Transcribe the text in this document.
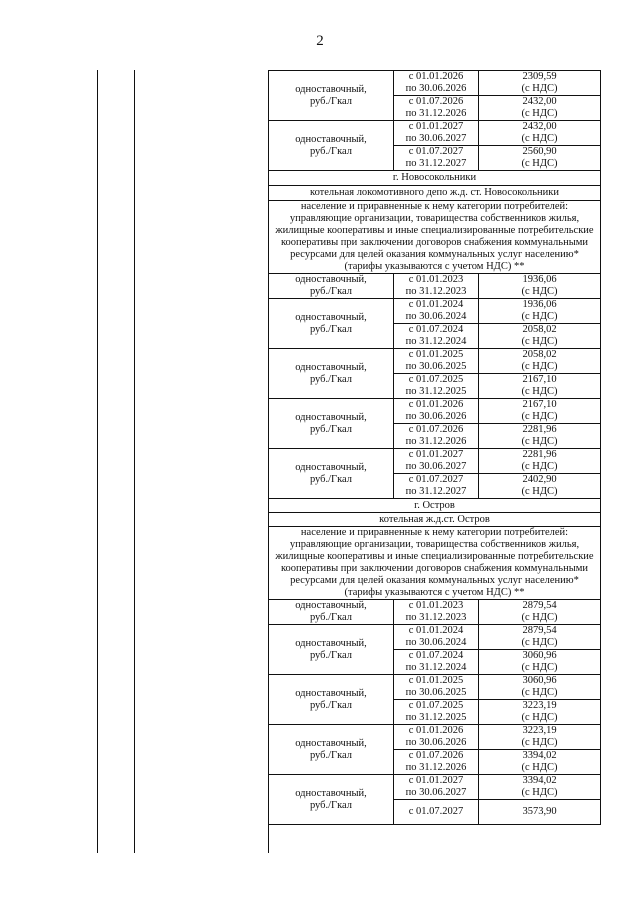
2
одноставочный,
руб./Гкал	с 01.01.2026
по 30.06.2026	2309,59
(с НДС)
	с 01.07.2026
по 31.12.2026	2432,00
(с НДС)
одноставочный,
руб./Гкал	с 01.01.2027
по 30.06.2027	2432,00
(с НДС)
	с 01.07.2027
по 31.12.2027	2560,90
(с НДС)
г. Новосокольники		
котельная локомотивного депо ж.д. ст. Новосокольники		
население и приравненные к нему категории потребителей: управляющие организации, товарищества собственников жилья, жилищные кооперативы и иные специализированные потребительские кооперативы при заключении договоров снабжения коммунальными ресурсами для целей оказания коммунальных услуг населению* (тарифы указываются с учетом НДС) **		
одноставочный,
руб./Гкал	с 01.01.2023
по 31.12.2023	1936,06
(с НДС)
одноставочный,
руб./Гкал	с 01.01.2024
по 30.06.2024	1936,06
(с НДС)
	с 01.07.2024
по 31.12.2024	2058,02
(с НДС)
одноставочный,
руб./Гкал	с 01.01.2025
по 30.06.2025	2058,02
(с НДС)
	с 01.07.2025
по 31.12.2025	2167,10
(с НДС)
одноставочный,
руб./Гкал	с 01.01.2026
по 30.06.2026	2167,10
(с НДС)
	с 01.07.2026
по 31.12.2026	2281,96
(с НДС)
одноставочный,
руб./Гкал	с 01.01.2027
по 30.06.2027	2281,96
(с НДС)
	с 01.07.2027
по 31.12.2027	2402,90
(с НДС)
г. Остров		
котельная ж.д.ст. Остров		
население и приравненные к нему категории потребителей: управляющие организации, товарищества собственников жилья, жилищные кооперативы и иные специализированные потребительские кооперативы при заключении договоров снабжения коммунальными ресурсами для целей оказания коммунальных услуг населению* (тарифы указываются с учетом НДС) **		
одноставочный,
руб./Гкал	с 01.01.2023
по 31.12.2023	2879,54
(с НДС)
одноставочный,
руб./Гкал	с 01.01.2024
по 30.06.2024	2879,54
(с НДС)
	с 01.07.2024
по 31.12.2024	3060,96
(с НДС)
одноставочный,
руб./Гкал	с 01.01.2025
по 30.06.2025	3060,96
(с НДС)
	с 01.07.2025
по 31.12.2025	3223,19
(с НДС)
одноставочный,
руб./Гкал	с 01.01.2026
по 30.06.2026	3223,19
(с НДС)
	с 01.07.2026
по 31.12.2026	3394,02
(с НДС)
одноставочный,
руб./Гкал	с 01.01.2027
по 30.06.2027	3394,02
(с НДС)
	с 01.07.2027	3573,90
